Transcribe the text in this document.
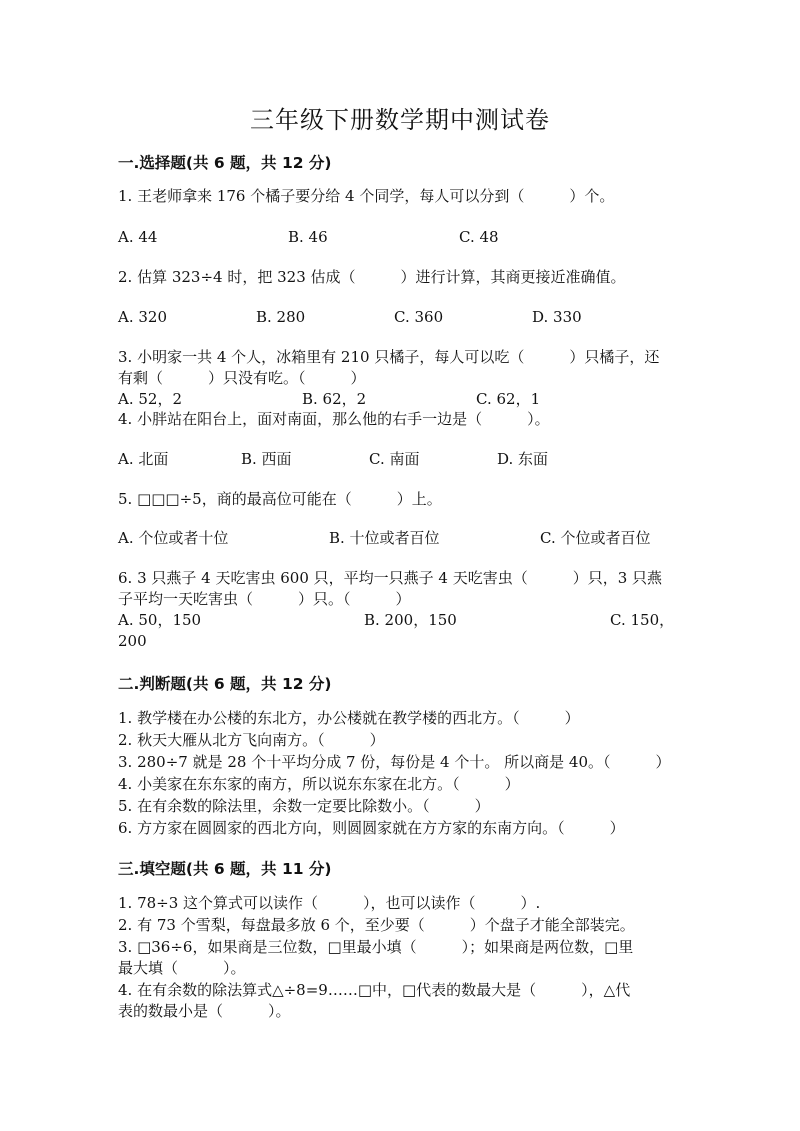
三年级下册数学期中测试卷
一.选择题(共 6 题，共 12 分)
1. 王老师拿来 176 个橘子要分给 4 个同学，每人可以分到（　　　）个。
A. 44	B. 46	C. 48
2. 估算 323÷4 时，把 323 估成（　　　）进行计算，其商更接近准确值。
A. 320	B. 280	C. 360	D. 330
3. 小明家一共 4 个人，冰箱里有 210 只橘子，每人可以吃（　　　）只橘子，还
有剩（　　　）只没有吃。（　　　）
A. 52，2	B. 62，2	C. 62，1
4. 小胖站在阳台上，面对南面，那么他的右手一边是（　　　）。
A. 北面	B. 西面	C. 南面	D. 东面
5. □□□÷5，商的最高位可能在（　　　）上。
A. 个位或者十位	B. 十位或者百位	C. 个位或者百位
6. 3 只燕子 4 天吃害虫 600 只，平均一只燕子 4 天吃害虫（　　　）只，3 只燕
子平均一天吃害虫（　　　）只。（　　　）
A. 50，150	B. 200，150	C. 150，
200
二.判断题(共 6 题，共 12 分)
1. 教学楼在办公楼的东北方，办公楼就在教学楼的西北方。（　　　）
2. 秋天大雁从北方飞向南方。（　　　）
3. 280÷7 就是 28 个十平均分成 7 份，每份是 4 个十。 所以商是 40。（　　　）
4. 小美家在东东家的南方，所以说东东家在北方。（　　　）
5. 在有余数的除法里，余数一定要比除数小。（　　　）
6. 方方家在圆圆家的西北方向，则圆圆家就在方方家的东南方向。（　　　）
三.填空题(共 6 题，共 11 分)
1. 78÷3 这个算式可以读作（　　　），也可以读作（　　　）.
2. 有 73 个雪梨，每盘最多放 6 个，至少要（　　　）个盘子才能全部装完。
3. □36÷6，如果商是三位数，□里最小填（　　　）；如果商是两位数，□里
最大填（　　　）。
4. 在有余数的除法算式△÷8=9……□中，□代表的数最大是（　　　），△代
表的数最小是（　　　）。
